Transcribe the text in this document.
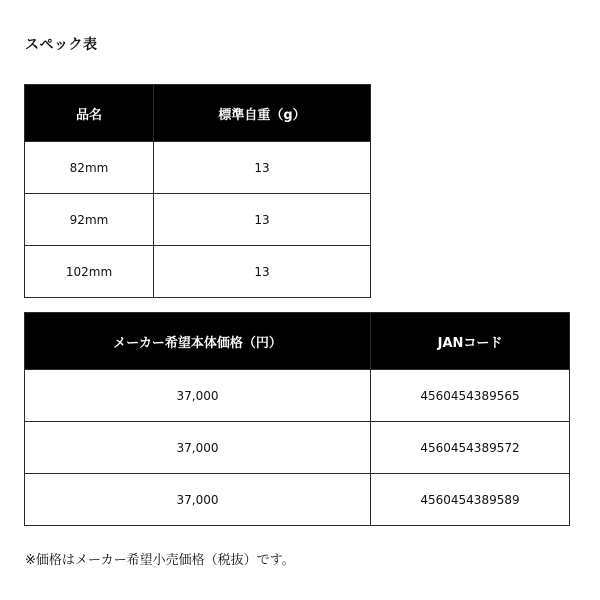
スペック表
品名	標準自重（g）
82mm	13
92mm	13
102mm	13
メーカー希望本体価格（円）	JANコード
37,000	4560454389565
37,000	4560454389572
37,000	4560454389589
※価格はメーカー希望小売価格（税抜）です。
